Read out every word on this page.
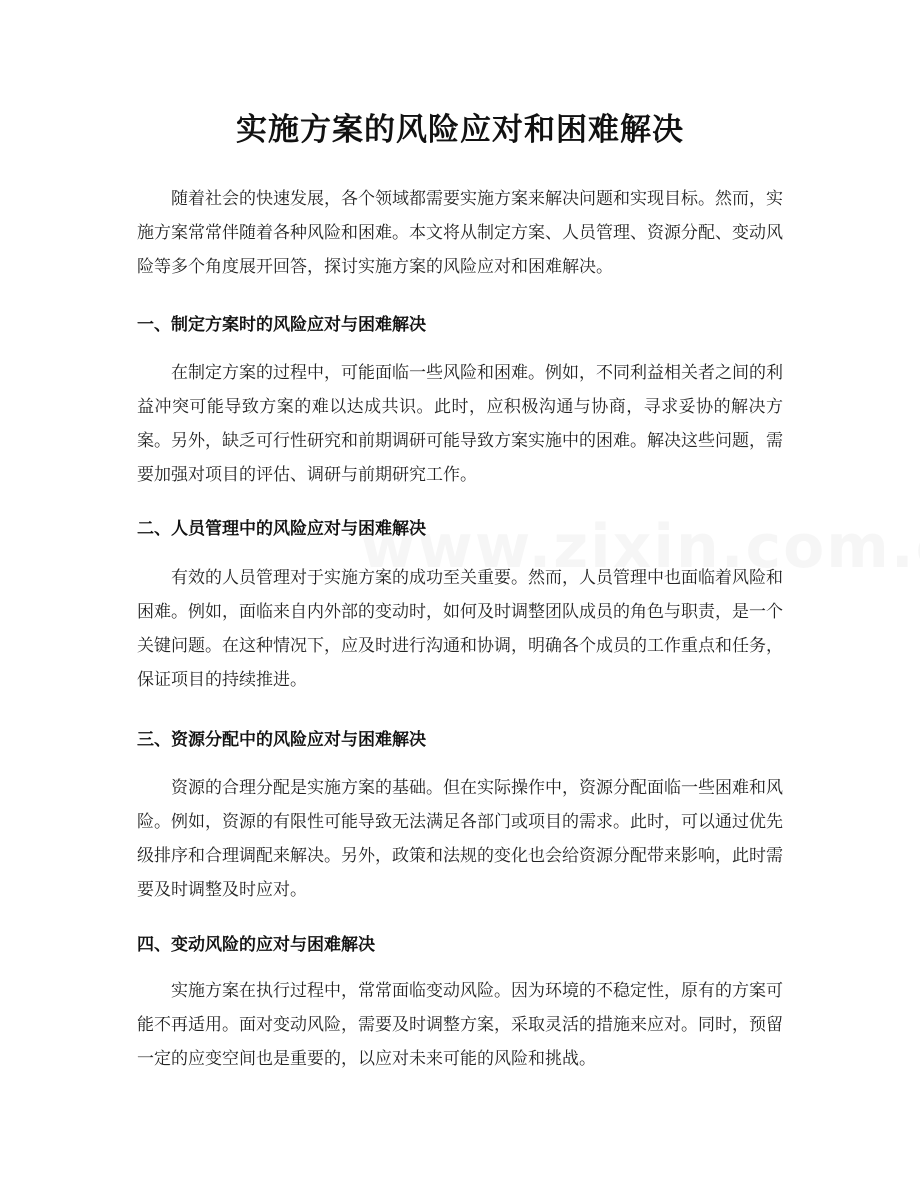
实施方案的风险应对和困难解决
随着社会的快速发展，各个领域都需要实施方案来解决问题和实现目标。然而，实施方案常常伴随着各种风险和困难。本文将从制定方案、人员管理、资源分配、变动风险等多个角度展开回答，探讨实施方案的风险应对和困难解决。
一、制定方案时的风险应对与困难解决
在制定方案的过程中，可能面临一些风险和困难。例如，不同利益相关者之间的利益冲突可能导致方案的难以达成共识。此时，应积极沟通与协商，寻求妥协的解决方案。另外，缺乏可行性研究和前期调研可能导致方案实施中的困难。解决这些问题，需要加强对项目的评估、调研与前期研究工作。
二、人员管理中的风险应对与困难解决
有效的人员管理对于实施方案的成功至关重要。然而，人员管理中也面临着风险和困难。例如，面临来自内外部的变动时，如何及时调整团队成员的角色与职责，是一个关键问题。在这种情况下，应及时进行沟通和协调，明确各个成员的工作重点和任务，保证项目的持续推进。
三、资源分配中的风险应对与困难解决
资源的合理分配是实施方案的基础。但在实际操作中，资源分配面临一些困难和风险。例如，资源的有限性可能导致无法满足各部门或项目的需求。此时，可以通过优先级排序和合理调配来解决。另外，政策和法规的变化也会给资源分配带来影响，此时需要及时调整及时应对。
四、变动风险的应对与困难解决
实施方案在执行过程中，常常面临变动风险。因为环境的不稳定性，原有的方案可能不再适用。面对变动风险，需要及时调整方案，采取灵活的措施来应对。同时，预留一定的应变空间也是重要的，以应对未来可能的风险和挑战。
